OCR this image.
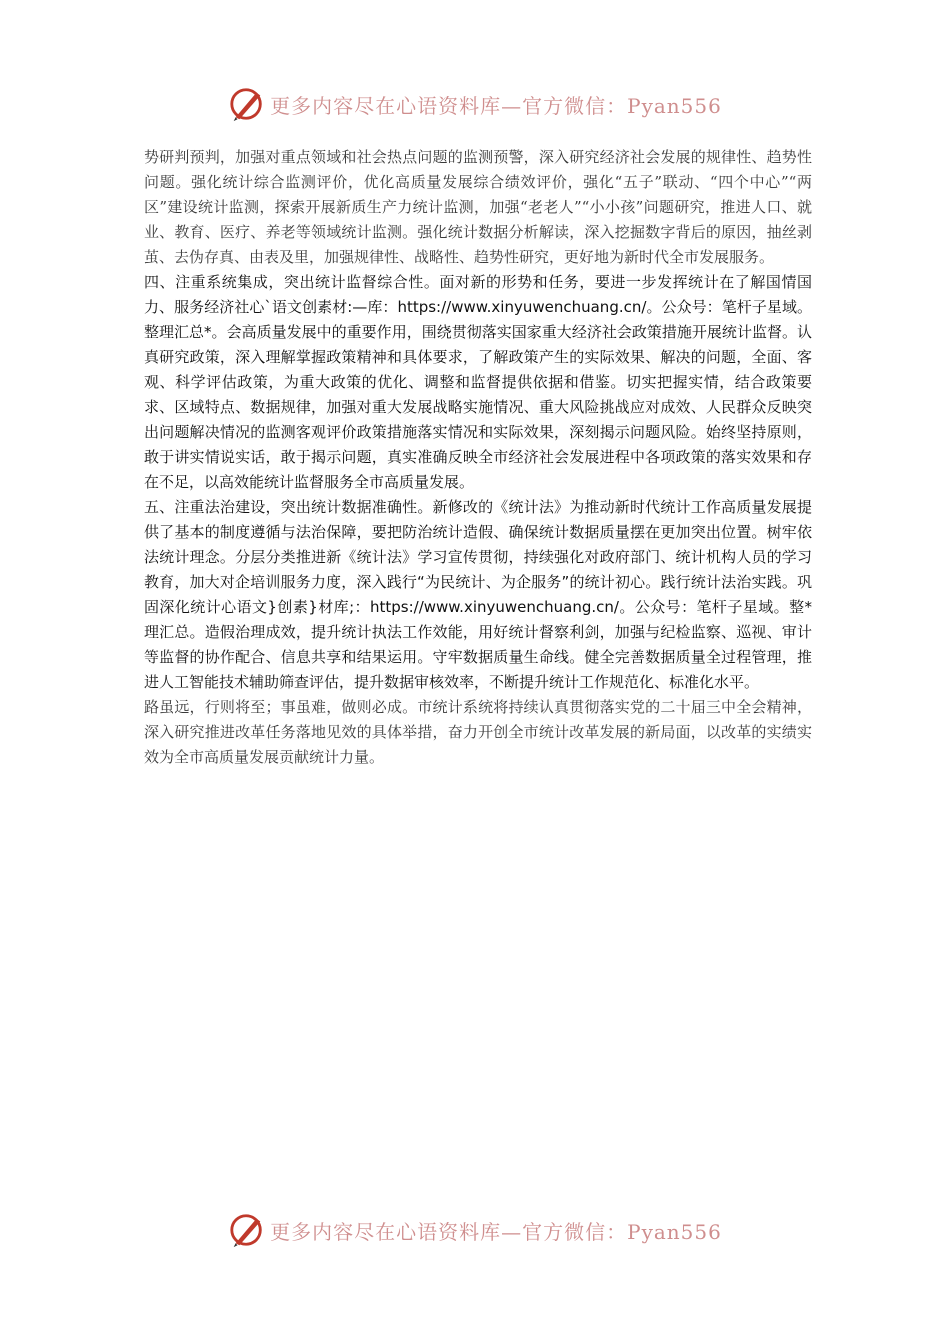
更多内容尽在心语资料库—官方微信：Pyan556

势研判预判，加强对重点领域和社会热点问题的监测预警，深入研究经济社会发展的规律性、趋势性问题。强化统计综合监测评价，优化高质量发展综合绩效评价，强化“五子”联动、“四个中心”“两区”建设统计监测，探索开展新质生产力统计监测，加强“老老人”“小小孩”问题研究，推进人口、就业、教育、医疗、养老等领域统计监测。强化统计数据分析解读，深入挖掘数字背后的原因，抽丝剥茧、去伪存真、由表及里，加强规律性、战略性、趋势性研究，更好地为新时代全市发展服务。

四、注重系统集成，突出统计监督综合性。面对新的形势和任务，要进一步发挥统计在了解国情国力、服务经济社心`语文创素材:—库：https://www.xinyuwenchuang.cn/。公众号：笔杆子星域。整理汇总*。会高质量发展中的重要作用，围绕贯彻落实国家重大经济社会政策措施开展统计监督。认真研究政策，深入理解掌握政策精神和具体要求，了解政策产生的实际效果、解决的问题，全面、客观、科学评估政策，为重大政策的优化、调整和监督提供依据和借鉴。切实把握实情，结合政策要求、区域特点、数据规律，加强对重大发展战略实施情况、重大风险挑战应对成效、人民群众反映突出问题解决情况的监测客观评价政策措施落实情况和实际效果，深刻揭示问题风险。始终坚持原则，敢于讲实情说实话，敢于揭示问题，真实准确反映全市经济社会发展进程中各项政策的落实效果和存在不足，以高效能统计监督服务全市高质量发展。

五、注重法治建设，突出统计数据准确性。新修改的《统计法》为推动新时代统计工作高质量发展提供了基本的制度遵循与法治保障，要把防治统计造假、确保统计数据质量摆在更加突出位置。树牢依法统计理念。分层分类推进新《统计法》学习宣传贯彻，持续强化对政府部门、统计机构人员的学习教育，加大对企培训服务力度，深入践行“为民统计、为企服务”的统计初心。践行统计法治实践。巩固深化统计心语文}创素}材库;：https://www.xinyuwenchuang.cn/。公众号：笔杆子星域。整*理汇总。造假治理成效，提升统计执法工作效能，用好统计督察利剑，加强与纪检监察、巡视、审计等监督的协作配合、信息共享和结果运用。守牢数据质量生命线。健全完善数据质量全过程管理，推进人工智能技术辅助筛查评估，提升数据审核效率，不断提升统计工作规范化、标准化水平。

路虽远，行则将至；事虽难，做则必成。市统计系统将持续认真贯彻落实党的二十届三中全会精神，深入研究推进改革任务落地见效的具体举措，奋力开创全市统计改革发展的新局面，以改革的实绩实效为全市高质量发展贡献统计力量。

更多内容尽在心语资料库—官方微信：Pyan556
